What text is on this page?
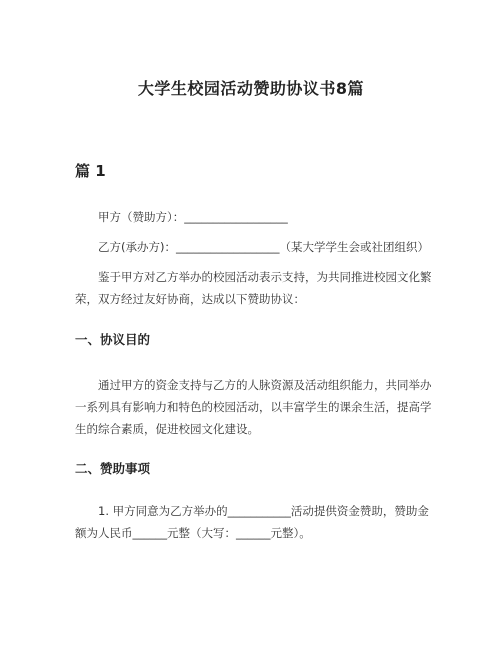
大学生校园活动赞助协议书8篇
篇 1
甲方（赞助方）：__________________
乙方(承办方)：__________________（某大学学生会或社团组织）
鉴于甲方对乙方举办的校园活动表示支持，为共同推进校园文化繁荣，双方经过友好协商，达成以下赞助协议：
一、协议目的
通过甲方的资金支持与乙方的人脉资源及活动组织能力，共同举办一系列具有影响力和特色的校园活动，以丰富学生的课余生活，提高学生的综合素质，促进校园文化建设。
二、赞助事项
1. 甲方同意为乙方举办的___________活动提供资金赞助，赞助金额为人民币______元整（大写：______元整）。
